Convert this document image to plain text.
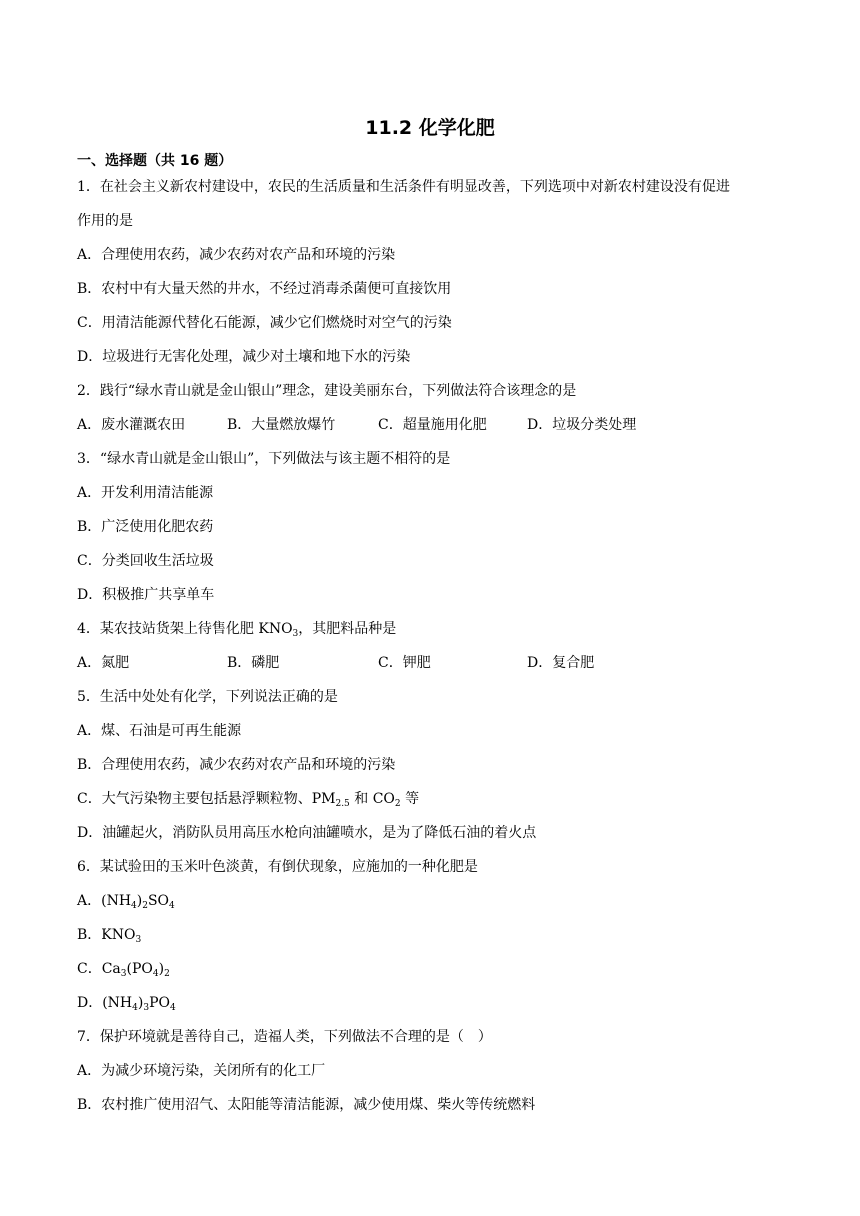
11.2 化学化肥
一、选择题（共 16 题）
1．在社会主义新农村建设中，农民的生活质量和生活条件有明显改善，下列选项中对新农村建设没有促进
作用的是
A．合理使用农药，减少农药对农产品和环境的污染
B．农村中有大量天然的井水，不经过消毒杀菌便可直接饮用
C．用清洁能源代替化石能源，减少它们燃烧时对空气的污染
D．垃圾进行无害化处理，减少对土壤和地下水的污染
2．践行“绿水青山就是金山银山”理念，建设美丽东台，下列做法符合该理念的是
A．废水灌溉农田	B．大量燃放爆竹	C．超量施用化肥	D．垃圾分类处理
3．“绿水青山就是金山银山”，下列做法与该主题不相符的是
A．开发利用清洁能源
B．广泛使用化肥农药
C．分类回收生活垃圾
D．积极推广共享单车
4．某农技站货架上待售化肥 $KNO_3$，其肥料品种是
A．氮肥	B．磷肥	C．钾肥	D．复合肥
5．生活中处处有化学，下列说法正确的是
A．煤、石油是可再生能源
B．合理使用农药，减少农药对农产品和环境的污染
C．大气污染物主要包括悬浮颗粒物、$PM_{2.5}$ 和 $CO_2$ 等
D．油罐起火，消防队员用高压水枪向油罐喷水，是为了降低石油的着火点
6．某试验田的玉米叶色淡黄，有倒伏现象，应施加的一种化肥是
A．$(NH_4)_2SO_4$
B．$KNO_3$
C．$Ca_3(PO_4)_2$
D．$(NH_4)_3PO_4$
7．保护环境就是善待自己，造福人类，下列做法不合理的是（　）
A．为减少环境污染，关闭所有的化工厂
B．农村推广使用沼气、太阳能等清洁能源，减少使用煤、柴火等传统燃料
